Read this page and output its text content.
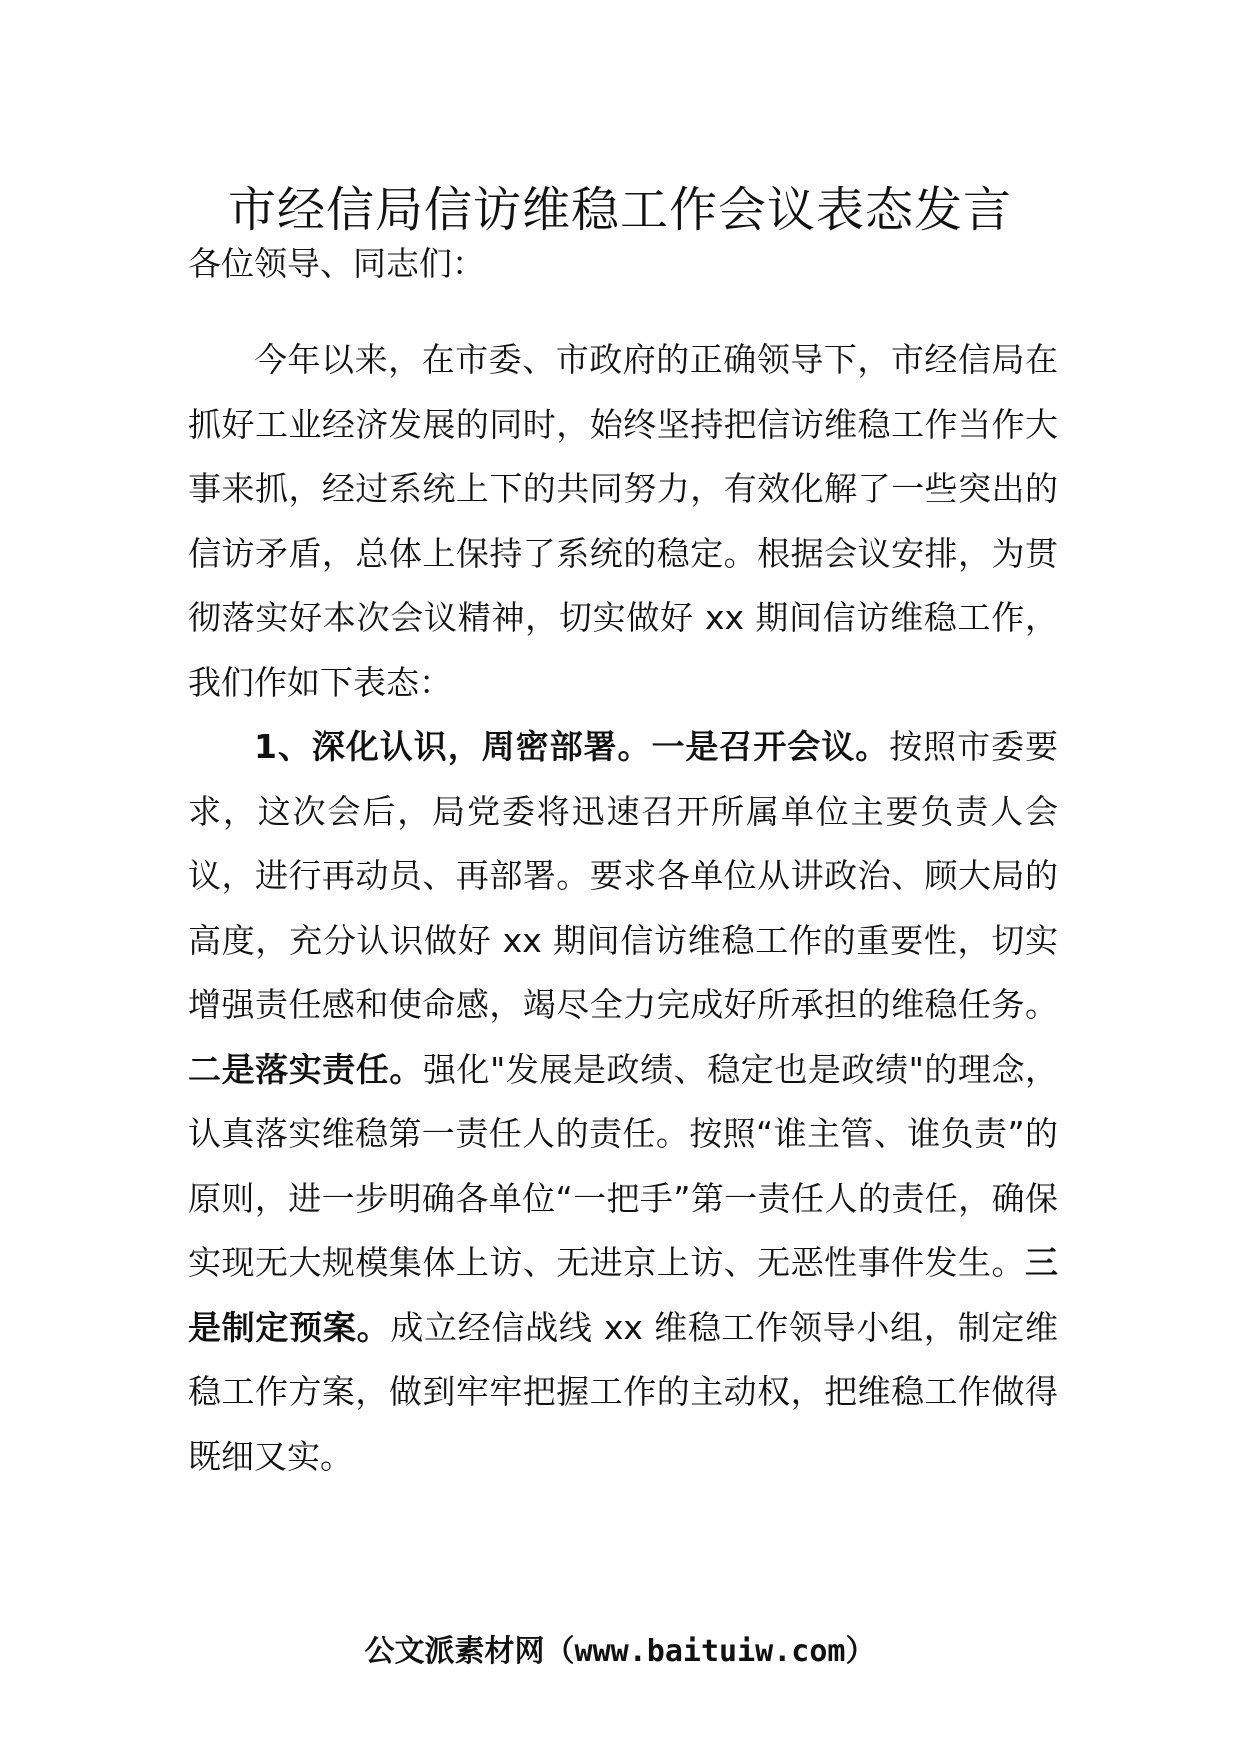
市经信局信访维稳工作会议表态发言

各位领导、同志们：

今年以来，在市委、市政府的正确领导下，市经信局在抓好工业经济发展的同时，始终坚持把信访维稳工作当作大事来抓，经过系统上下的共同努力，有效化解了一些突出的信访矛盾，总体上保持了系统的稳定。根据会议安排，为贯彻落实好本次会议精神，切实做好 xx 期间信访维稳工作，我们作如下表态：

1、深化认识，周密部署。一是召开会议。按照市委要求，这次会后，局党委将迅速召开所属单位主要负责人会议，进行再动员、再部署。要求各单位从讲政治、顾大局的高度，充分认识做好 xx 期间信访维稳工作的重要性，切实增强责任感和使命感，竭尽全力完成好所承担的维稳任务。二是落实责任。强化"发展是政绩、稳定也是政绩"的理念，认真落实维稳第一责任人的责任。按照“谁主管、谁负责”的原则，进一步明确各单位“一把手”第一责任人的责任，确保实现无大规模集体上访、无进京上访、无恶性事件发生。三是制定预案。成立经信战线 xx 维稳工作领导小组，制定维稳工作方案，做到牢牢把握工作的主动权，把维稳工作做得既细又实。

公文派素材网（www.baituiw.com）
